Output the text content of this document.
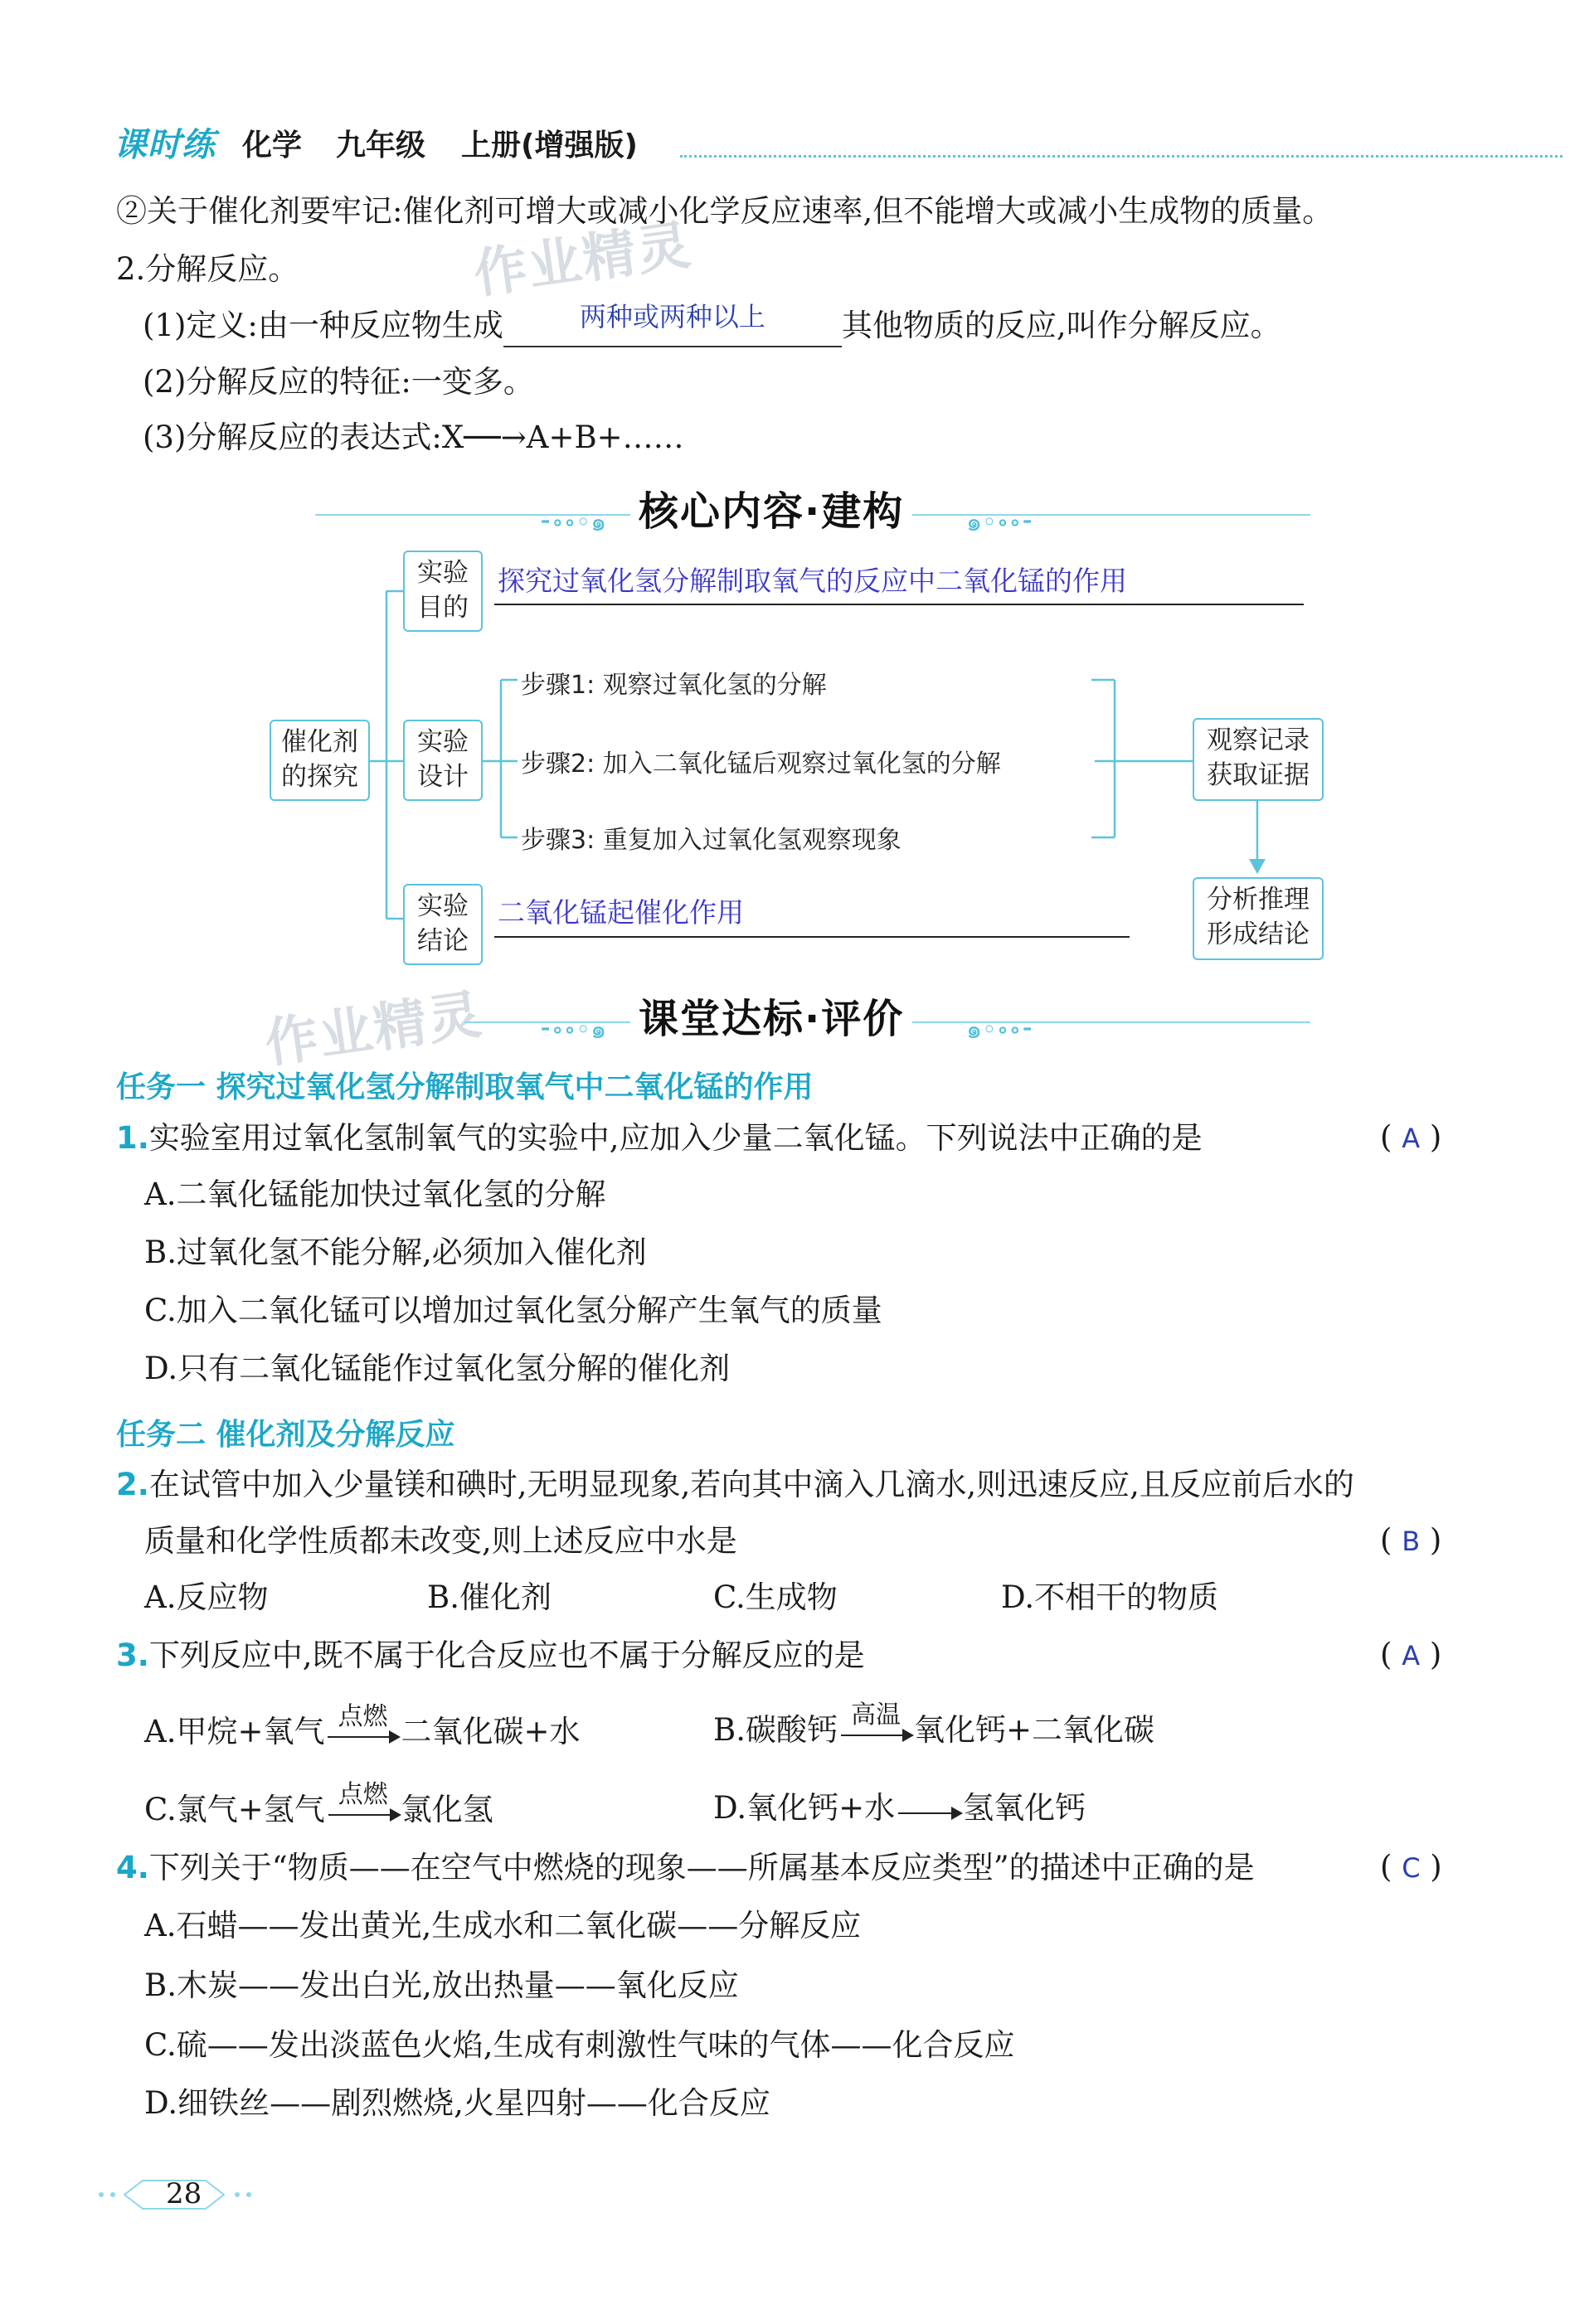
课时练 化学 九年级 上册(增强版)
作业精灵
②关于催化剂要牢记:催化剂可增大或减小化学反应速率,但不能增大或减小生成物的质量。
2.分解反应。
(1)定义:由一种反应物生成	两种或两种以上 其他物质的反应,叫作分解反应。
(2)分解反应的特征:一变多。
(3)分解反应的表达式:X──→A+B+……
⁃∘∘◦๑	๑◦∘∘⁃
核心内容·建构
催化剂的探究
实验目的
探究过氧化氢分解制取氧气的反应中二氧化锰的作用
实验设计
步骤1: 观察过氧化氢的分解
步骤2: 加入二氧化锰后观察过氧化氢的分解
步骤3: 重复加入过氧化氢观察现象
观察记录获取证据
实验结论
二氧化锰起催化作用	分析推理形成结论
作业精灵 ⁃∘∘◦๑	๑◦∘∘⁃
课堂达标·评价
任务一 探究过氧化氢分解制取氧气中二氧化锰的作用
1.实验室用过氧化氢制氧气的实验中,应加入少量二氧化锰。下列说法中正确的是	( A )
A.二氧化锰能加快过氧化氢的分解
B.过氧化氢不能分解,必须加入催化剂
C.加入二氧化锰可以增加过氧化氢分解产生氧气的质量
D.只有二氧化锰能作过氧化氢分解的催化剂
任务二 催化剂及分解反应
2.在试管中加入少量镁和碘时,无明显现象,若向其中滴入几滴水,则迅速反应,且反应前后水的
质量和化学性质都未改变,则上述反应中水是	( B )
A.反应物	B.催化剂	C.生成物	D.不相干的物质
3.下列反应中,既不属于化合反应也不属于分解反应的是	( A )
A.甲烷+氧气 点燃 二氧化碳+水	B.碳酸钙 高温 氧化钙+二氧化碳
C.氯气+氢气 点燃 氯化氢	D.氧化钙+水 氢氧化钙
4.下列关于“物质——在空气中燃烧的现象——所属基本反应类型”的描述中正确的是	( C )
A.石蜡——发出黄光,生成水和二氧化碳——分解反应
B.木炭——发出白光,放出热量——氧化反应
C.硫——发出淡蓝色火焰,生成有刺激性气味的气体——化合反应
D.细铁丝——剧烈燃烧,火星四射——化合反应
28
